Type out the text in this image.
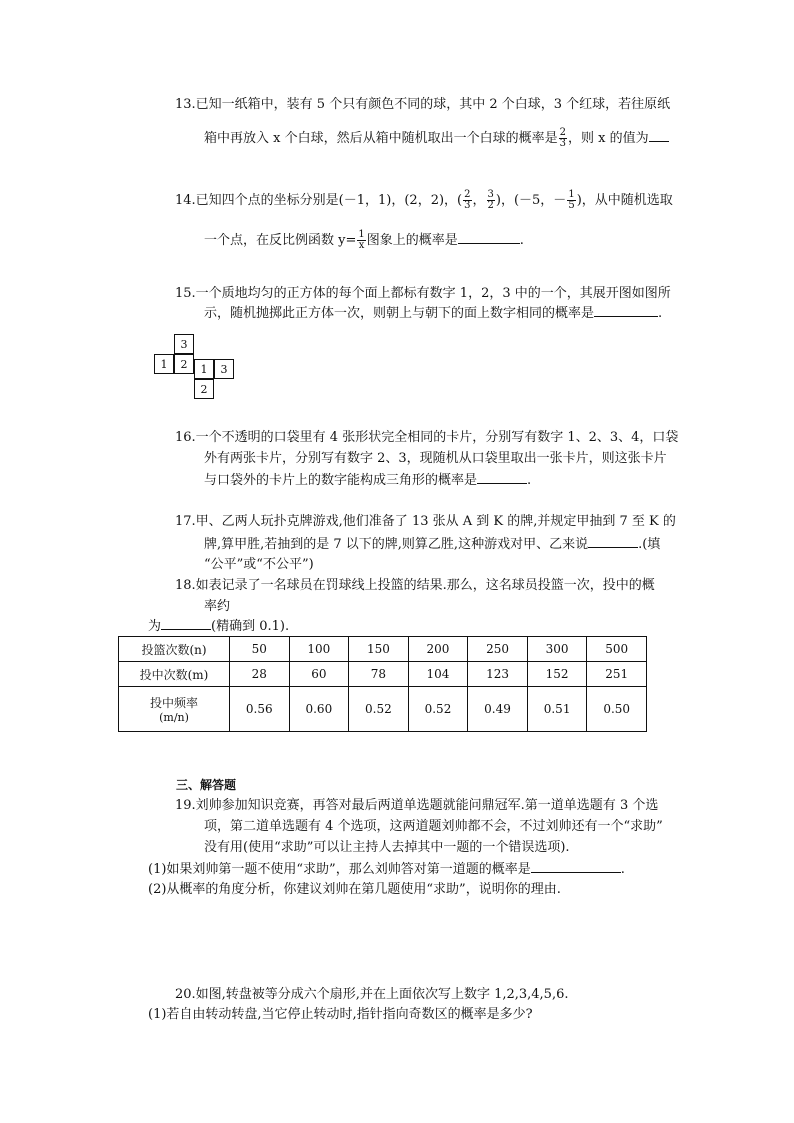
13.已知一纸箱中，装有 5 个只有颜色不同的球，其中 2 个白球，3 个红球，若往原纸
箱中再放入 x 个白球，然后从箱中随机取出一个白球的概率是 $\frac{2}{3}$ ，则 x 的值为
14.已知四个点的坐标分别是(－1，1)，(2，2)，( $\frac{2}{3}$ ， $\frac{3}{2}$ )，(－5，－ $\frac{1}{5}$ )，从中随机选取
一个点，在反比例函数 $y= \frac{1}{x}$ 图象上的概率是	.
15.一个质地均匀的正方体的每个面上都标有数字 1，2，3 中的一个，其展开图如图所
示，随机抛掷此正方体一次，则朝上与朝下的面上数字相同的概率是	.
3
1	2	1	3
2
16.一个不透明的口袋里有 4 张形状完全相同的卡片，分别写有数字 1、2、3、4，口袋
外有两张卡片，分别写有数字 2、3，现随机从口袋里取出一张卡片，则这张卡片
与口袋外的卡片上的数字能构成三角形的概率是	.
17.甲、乙两人玩扑克牌游戏,他们准备了 13 张从 A 到 K 的牌,并规定甲抽到 7 至 K 的
牌,算甲胜,若抽到的是 7 以下的牌,则算乙胜,这种游戏对甲、乙来说	.(填
“公平”或“不公平”)
18.如表记录了一名球员在罚球线上投篮的结果.那么，这名球员投篮一次，投中的概
率约
为	(精确到 0.1).
投篮次数(n)	50	100	150	200	250	300	500
投中次数(m)	28	60	78	104	123	152	251

投中频率
(m/n)	0.56	0.60	0.52	0.52	0.49	0.51	0.50
三、解答题
19.刘帅参加知识竞赛，再答对最后两道单选题就能问鼎冠军.第一道单选题有 3 个选
项，第二道单选题有 4 个选项，这两道题刘帅都不会，不过刘帅还有一个“求助”
没有用(使用“求助”可以让主持人去掉其中一题的一个错误选项).
(1)如果刘帅第一题不使用“求助”，那么刘帅答对第一道题的概率是	.
(2)从概率的角度分析，你建议刘帅在第几题使用“求助”，说明你的理由.
20.如图,转盘被等分成六个扇形,并在上面依次写上数字 1,2,3,4,5,6.
(1)若自由转动转盘,当它停止转动时,指针指向奇数区的概率是多少?
